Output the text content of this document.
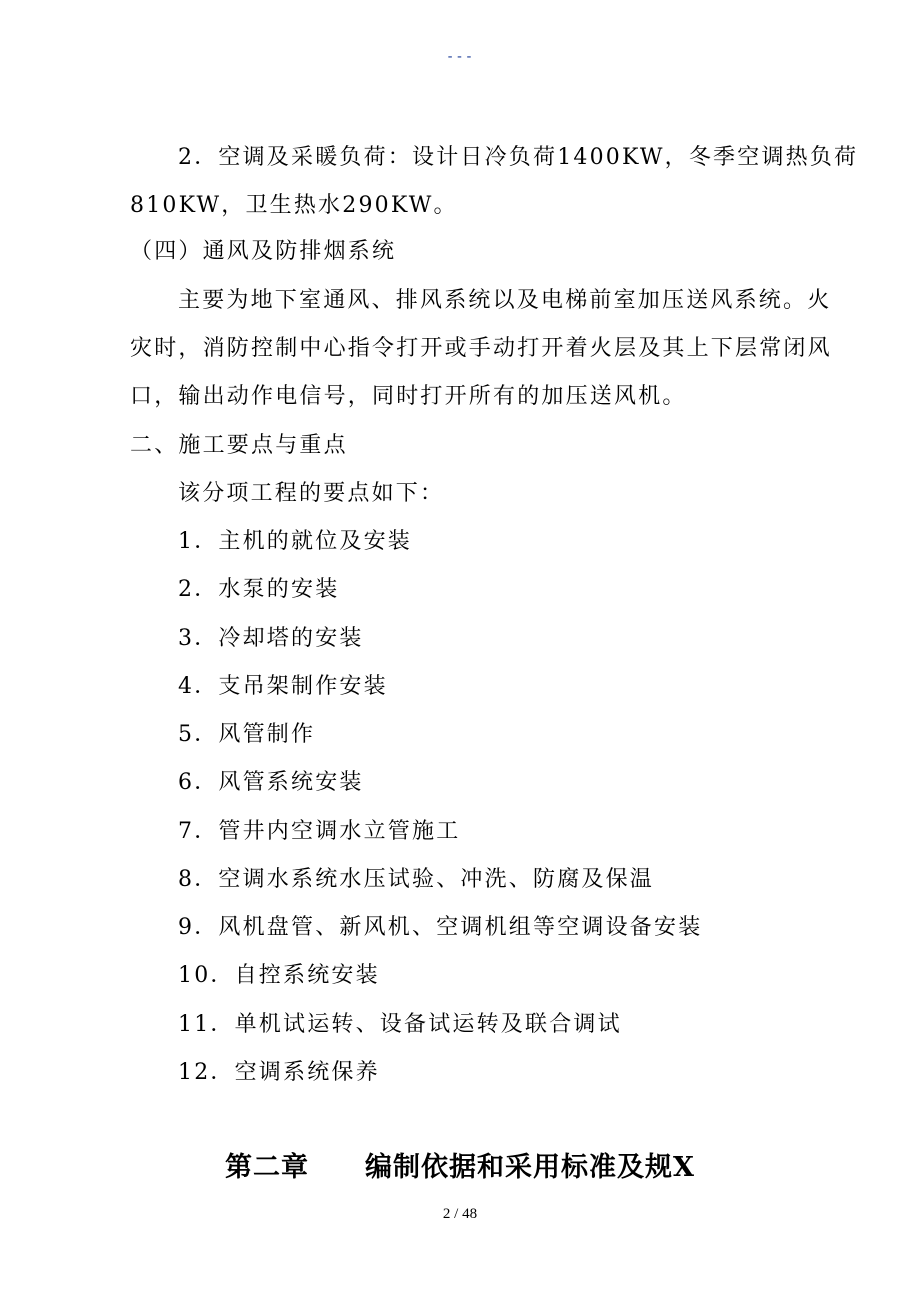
---
2．空调及采暖负荷：设计日冷负荷1400KW，冬季空调热负荷
810KW，卫生热水290KW。
（四）通风及防排烟系统
主要为地下室通风、排风系统以及电梯前室加压送风系统。火
灾时，消防控制中心指令打开或手动打开着火层及其上下层常闭风
口，输出动作电信号，同时打开所有的加压送风机。
二、施工要点与重点
该分项工程的要点如下：
1．主机的就位及安装
2．水泵的安装
3．冷却塔的安装
4．支吊架制作安装
5．风管制作
6．风管系统安装
7．管井内空调水立管施工
8．空调水系统水压试验、冲洗、防腐及保温
9．风机盘管、新风机、空调机组等空调设备安装
10．自控系统安装
11．单机试运转、设备试运转及联合调试
12．空调系统保养
第二章 编制依据和采用标准及规X
2 / 48
